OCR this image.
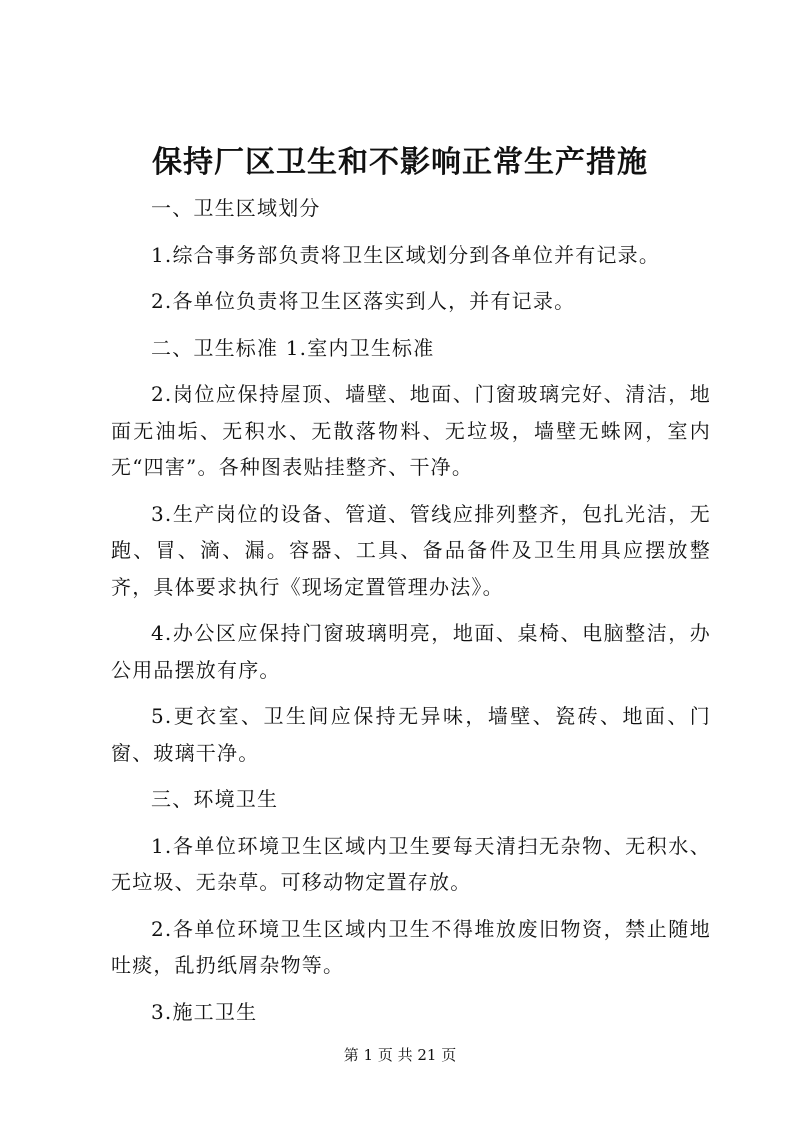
保持厂区卫生和不影响正常生产措施

一、卫生区域划分

1.综合事务部负责将卫生区域划分到各单位并有记录。

2.各单位负责将卫生区落实到人，并有记录。

二、卫生标准 1.室内卫生标准

2.岗位应保持屋顶、墙壁、地面、门窗玻璃完好、清洁，地面无油垢、无积水、无散落物料、无垃圾，墙壁无蛛网，室内无“四害”。各种图表贴挂整齐、干净。

3.生产岗位的设备、管道、管线应排列整齐，包扎光洁，无跑、冒、滴、漏。容器、工具、备品备件及卫生用具应摆放整齐，具体要求执行《现场定置管理办法》。

4.办公区应保持门窗玻璃明亮，地面、桌椅、电脑整洁，办公用品摆放有序。

5.更衣室、卫生间应保持无异味，墙壁、瓷砖、地面、门窗、玻璃干净。

三、环境卫生

1.各单位环境卫生区域内卫生要每天清扫无杂物、无积水、无垃圾、无杂草。可移动物定置存放。

2.各单位环境卫生区域内卫生不得堆放废旧物资，禁止随地吐痰，乱扔纸屑杂物等。

3.施工卫生

第 1 页 共 21 页
